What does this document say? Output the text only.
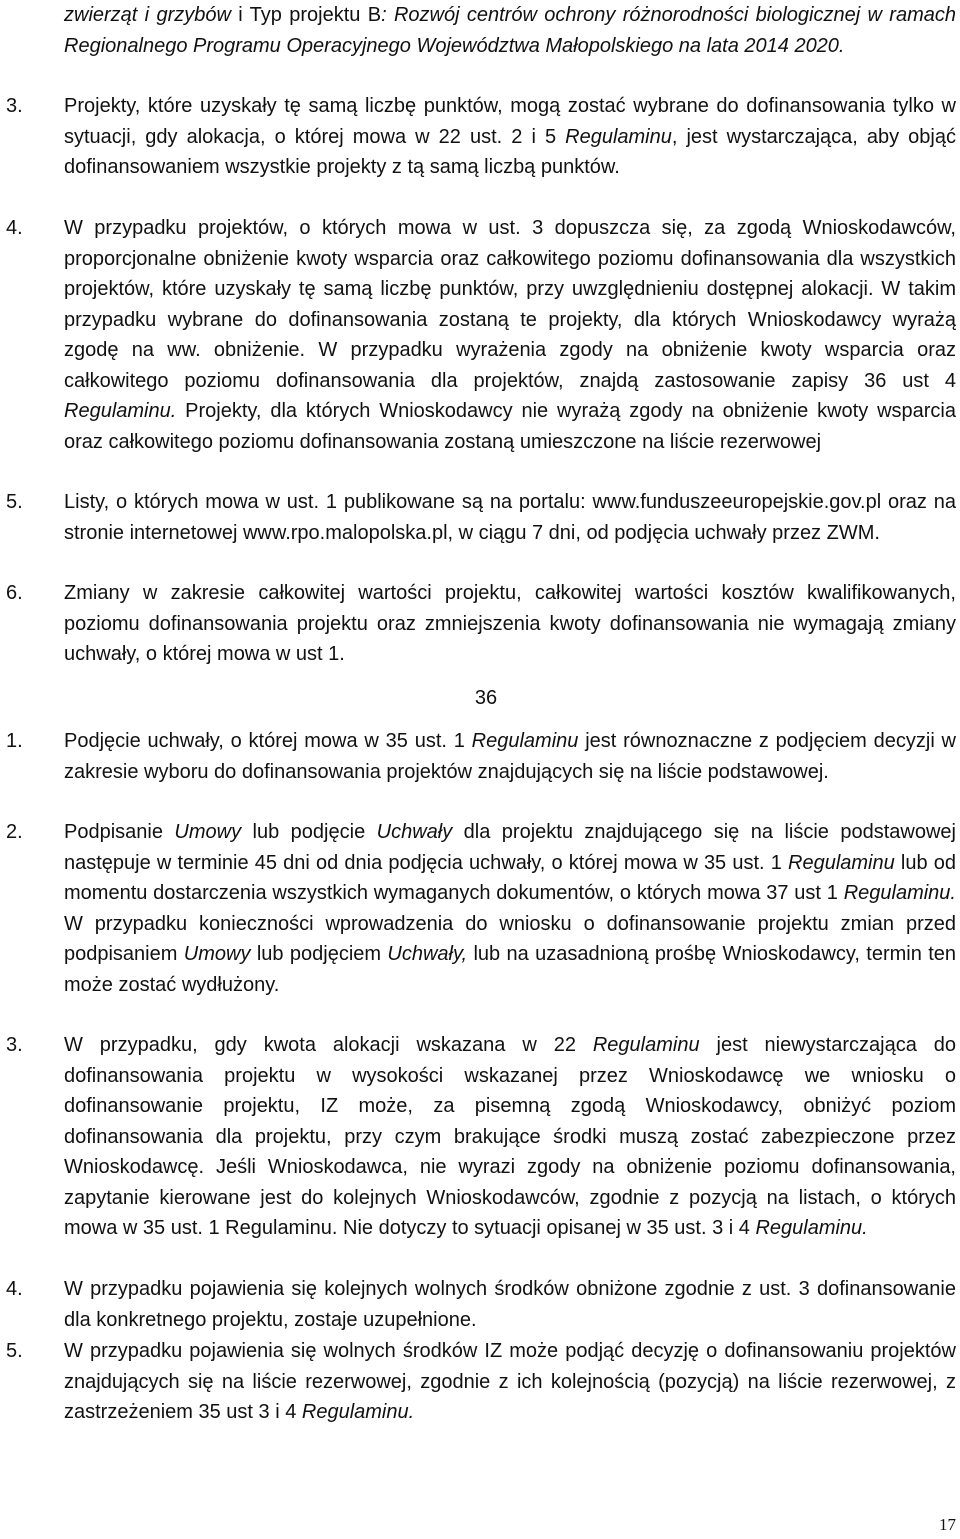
zwierząt i grzybów i Typ projektu B: Rozwój centrów ochrony różnorodności biologicznej w ramach Regionalnego Programu Operacyjnego Województwa Małopolskiego na lata 2014 2020.
3. Projekty, które uzyskały tę samą liczbę punktów, mogą zostać wybrane do dofinansowania tylko w sytuacji, gdy alokacja, o której mowa w 22 ust. 2 i 5 Regulaminu, jest wystarczająca, aby objąć dofinansowaniem wszystkie projekty z tą samą liczbą punktów.
4. W przypadku projektów, o których mowa w ust. 3 dopuszcza się, za zgodą Wnioskodawców, proporcjonalne obniżenie kwoty wsparcia oraz całkowitego poziomu dofinansowania dla wszystkich projektów, które uzyskały tę samą liczbę punktów, przy uwzględnieniu dostępnej alokacji. W takim przypadku wybrane do dofinansowania zostaną te projekty, dla których Wnioskodawcy wyrażą zgodę na ww. obniżenie. W przypadku wyrażenia zgody na obniżenie kwoty wsparcia oraz całkowitego poziomu dofinansowania dla projektów, znajdą zastosowanie zapisy 36 ust 4 Regulaminu. Projekty, dla których Wnioskodawcy nie wyrażą zgody na obniżenie kwoty wsparcia oraz całkowitego poziomu dofinansowania zostaną umieszczone na liście rezerwowej
5. Listy, o których mowa w ust. 1 publikowane są na portalu: www.funduszeeuropejskie.gov.pl oraz na stronie internetowej www.rpo.malopolska.pl, w ciągu 7 dni, od podjęcia uchwały przez ZWM.
6. Zmiany w zakresie całkowitej wartości projektu, całkowitej wartości kosztów kwalifikowanych, poziomu dofinansowania projektu oraz zmniejszenia kwoty dofinansowania nie wymagają zmiany uchwały, o której mowa w ust 1.
36
1. Podjęcie uchwały, o której mowa w 35 ust. 1 Regulaminu jest równoznaczne z podjęciem decyzji w zakresie wyboru do dofinansowania projektów znajdujących się na liście podstawowej.
2. Podpisanie Umowy lub podjęcie Uchwały dla projektu znajdującego się na liście podstawowej następuje w terminie 45 dni od dnia podjęcia uchwały, o której mowa w 35 ust. 1 Regulaminu lub od momentu dostarczenia wszystkich wymaganych dokumentów, o których mowa 37 ust 1 Regulaminu. W przypadku konieczności wprowadzenia do wniosku o dofinansowanie projektu zmian przed podpisaniem Umowy lub podjęciem Uchwały, lub na uzasadnioną prośbę Wnioskodawcy, termin ten może zostać wydłużony.
3. W przypadku, gdy kwota alokacji wskazana w 22 Regulaminu jest niewystarczająca do dofinansowania projektu w wysokości wskazanej przez Wnioskodawcę we wniosku o dofinansowanie projektu, IZ może, za pisemną zgodą Wnioskodawcy, obniżyć poziom dofinansowania dla projektu, przy czym brakujące środki muszą zostać zabezpieczone przez Wnioskodawcę. Jeśli Wnioskodawca, nie wyrazi zgody na obniżenie poziomu dofinansowania, zapytanie kierowane jest do kolejnych Wnioskodawców, zgodnie z pozycją na listach, o których mowa w 35 ust. 1 Regulaminu. Nie dotyczy to sytuacji opisanej w 35 ust. 3 i 4 Regulaminu.
4. W przypadku pojawienia się kolejnych wolnych środków obniżone zgodnie z ust. 3 dofinansowanie dla konkretnego projektu, zostaje uzupełnione.
5. W przypadku pojawienia się wolnych środków IZ może podjąć decyzję o dofinansowaniu projektów znajdujących się na liście rezerwowej, zgodnie z ich kolejnością (pozycją) na liście rezerwowej, z zastrzeżeniem 35 ust 3 i 4 Regulaminu.
17
